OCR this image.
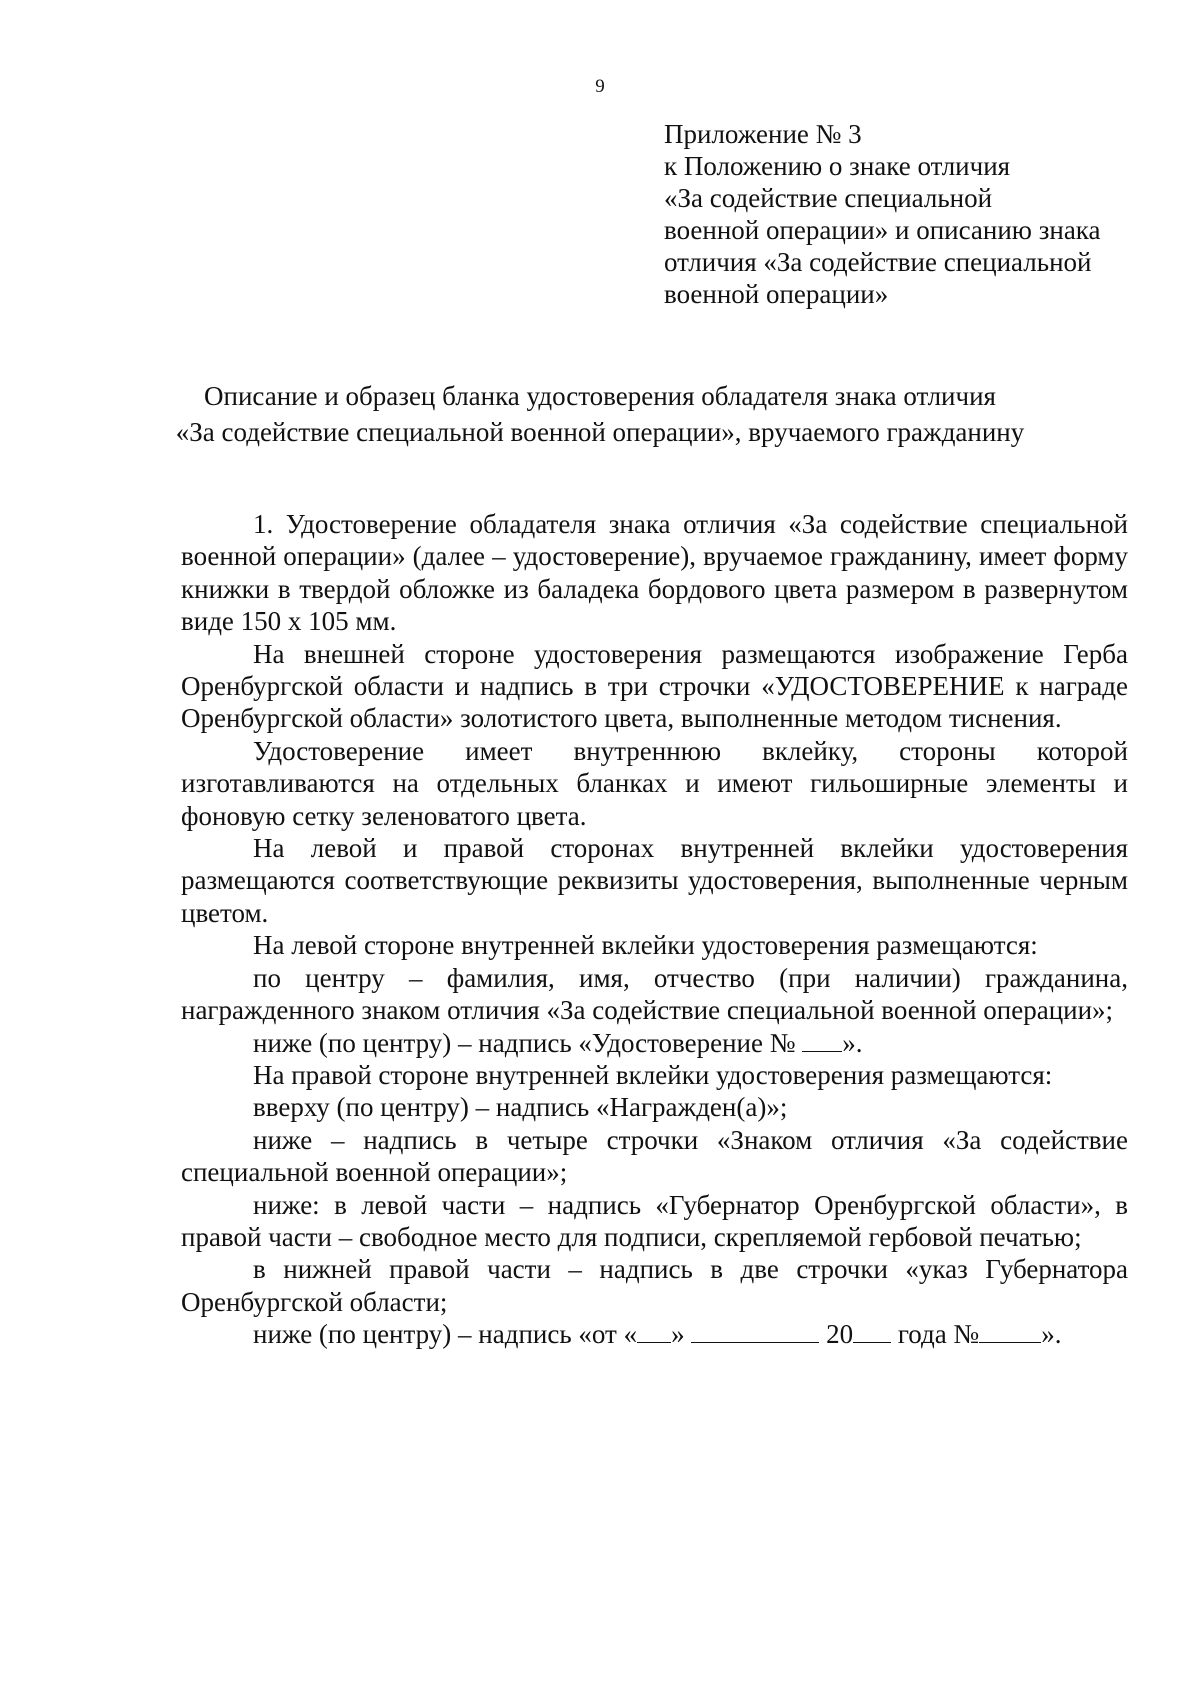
9
Приложение № 3
к Положению о знаке отличия
«За содействие специальной
военной операции» и описанию знака
отличия «За содействие специальной
военной операции»
Описание и образец бланка удостоверения обладателя знака отличия
«За содействие специальной военной операции», вручаемого гражданину

1. Удостоверение обладателя знака отличия «За содействие специальной военной операции» (далее – удостоверение), вручаемое гражданину, имеет форму книжки в твердой обложке из баладека бордового цвета размером в развернутом виде 150 х 105 мм.

На внешней стороне удостоверения размещаются изображение Герба Оренбургской области и надпись в три строчки «УДОСТОВЕРЕНИЕ к награде Оренбургской области» золотистого цвета, выполненные методом тиснения.

Удостоверение имеет внутреннюю вклейку, стороны которой изготавливаются на отдельных бланках и имеют гильоширные элементы и фоновую сетку зеленоватого цвета.

На левой и правой сторонах внутренней вклейки удостоверения размещаются соответствующие реквизиты удостоверения, выполненные черным цветом.

На левой стороне внутренней вклейки удостоверения размещаются:

по центру – фамилия, имя, отчество (при наличии) гражданина, награжденного знаком отличия «За содействие специальной военной операции»;

ниже (по центру) – надпись «Удостоверение № ».

На правой стороне внутренней вклейки удостоверения размещаются:

вверху (по центру) – надпись «Награжден(а)»;

ниже – надпись в четыре строчки «Знаком отличия «За содействие специальной военной операции»;

ниже: в левой части – надпись «Губернатор Оренбургской области», в правой части – свободное место для подписи, скрепляемой гербовой печатью;

в нижней правой части – надпись в две строчки «указ Губернатора Оренбургской области;

ниже (по центру) – надпись «от « »	20 года № ».
